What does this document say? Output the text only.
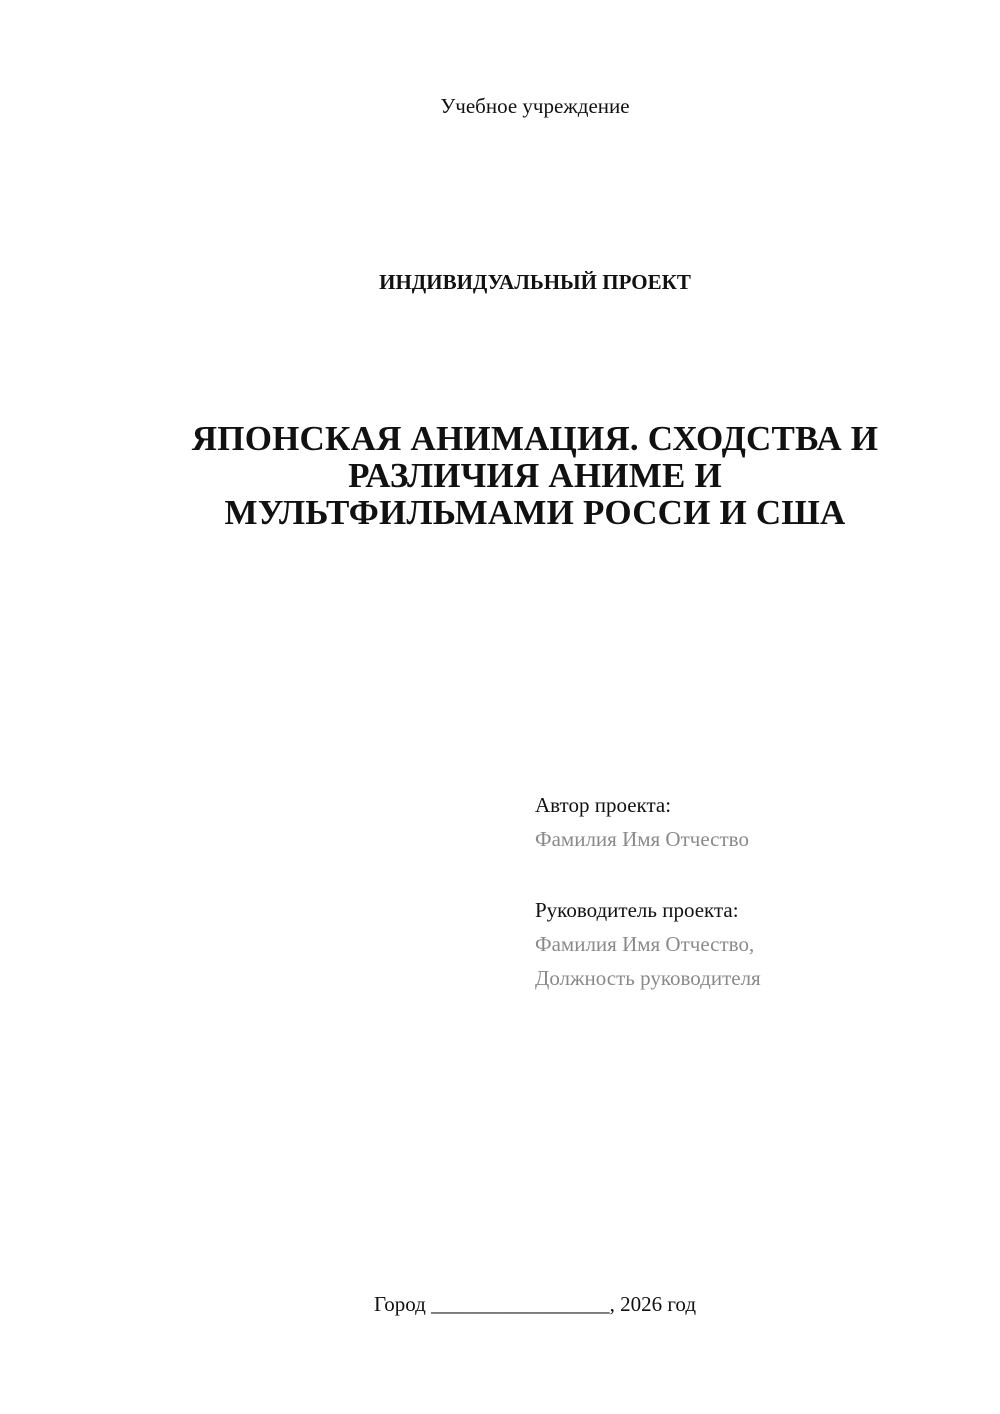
Учебное учреждение
ИНДИВИДУАЛЬНЫЙ ПРОЕКТ
ЯПОНСКАЯ АНИМАЦИЯ. СХОДСТВА И
РАЗЛИЧИЯ АНИМЕ И
МУЛЬТФИЛЬМАМИ РОССИ И США
Автор проекта:
Фамилия Имя Отчество
Руководитель проекта:
Фамилия Имя Отчество,
Должность руководителя
Город _________________, 2026 год
